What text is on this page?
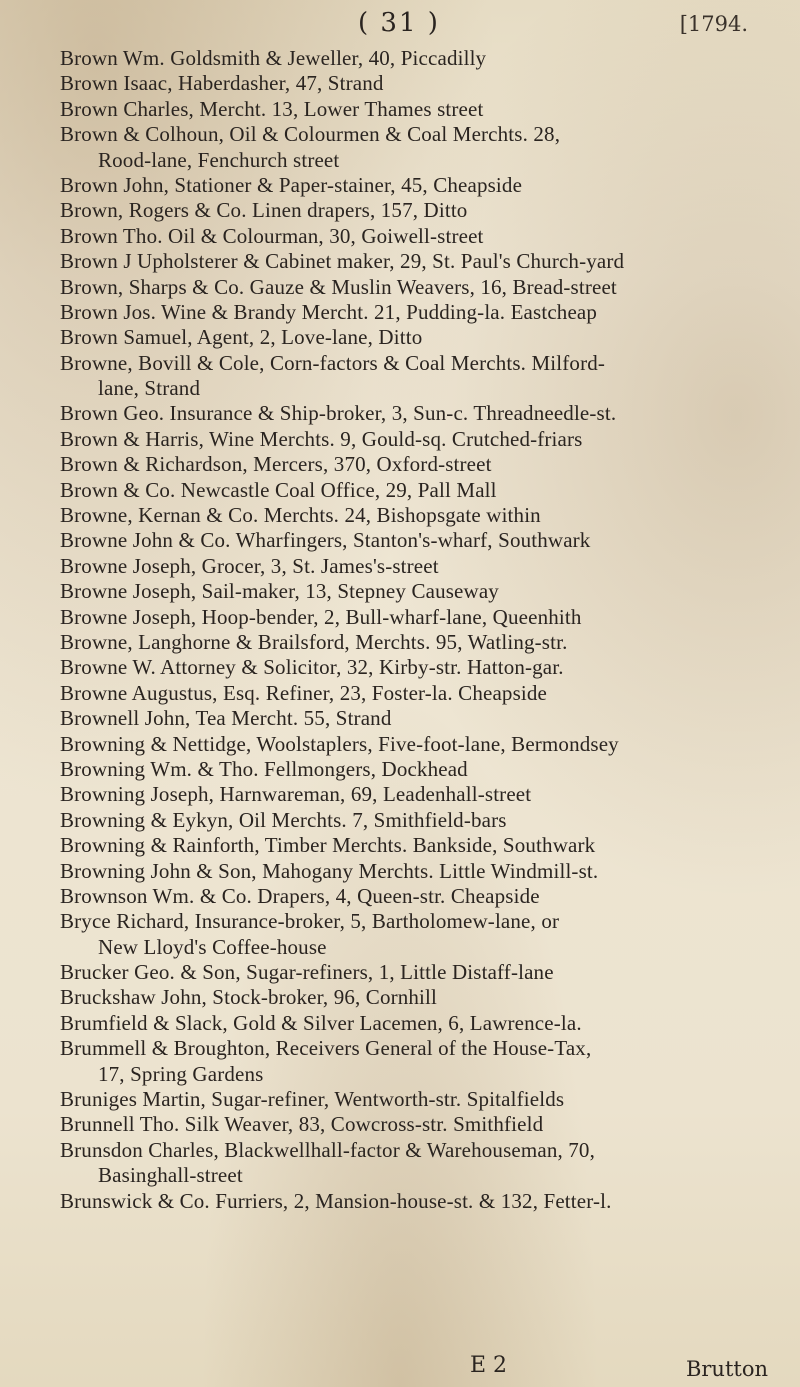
( 31 )	[1794.
Brown Wm. Goldsmith & Jeweller, 40, Piccadilly
Brown Isaac, Haberdasher, 47, Strand
Brown Charles, Mercht. 13, Lower Thames street
Brown & Colhoun, Oil & Colourmen & Coal Merchts. 28,
Rood-lane, Fenchurch street
Brown John, Stationer & Paper-stainer, 45, Cheapside
Brown, Rogers & Co. Linen drapers, 157, Ditto
Brown Tho. Oil & Colourman, 30, Goiwell-street
Brown J Upholsterer & Cabinet maker, 29, St. Paul's Church-yard
Brown, Sharps & Co. Gauze & Muslin Weavers, 16, Bread-street
Brown Jos. Wine & Brandy Mercht. 21, Pudding-la. Eastcheap
Brown Samuel, Agent, 2, Love-lane, Ditto
Browne, Bovill & Cole, Corn-factors & Coal Merchts. Milford-
lane, Strand
Brown Geo. Insurance & Ship-broker, 3, Sun-c. Threadneedle-st.
Brown & Harris, Wine Merchts. 9, Gould-sq. Crutched-friars
Brown & Richardson, Mercers, 370, Oxford-street
Brown & Co. Newcastle Coal Office, 29, Pall Mall
Browne, Kernan & Co. Merchts. 24, Bishopsgate within
Browne John & Co. Wharfingers, Stanton's-wharf, Southwark
Browne Joseph, Grocer, 3, St. James's-street
Browne Joseph, Sail-maker, 13, Stepney Causeway
Browne Joseph, Hoop-bender, 2, Bull-wharf-lane, Queenhith
Browne, Langhorne & Brailsford, Merchts. 95, Watling-str.
Browne W. Attorney & Solicitor, 32, Kirby-str. Hatton-gar.
Browne Augustus, Esq. Refiner, 23, Foster-la. Cheapside
Brownell John, Tea Mercht. 55, Strand
Browning & Nettidge, Woolstaplers, Five-foot-lane, Bermondsey
Browning Wm. & Tho. Fellmongers, Dockhead
Browning Joseph, Harnwareman, 69, Leadenhall-street
Browning & Eykyn, Oil Merchts. 7, Smithfield-bars
Browning & Rainforth, Timber Merchts. Bankside, Southwark
Browning John & Son, Mahogany Merchts. Little Windmill-st.
Brownson Wm. & Co. Drapers, 4, Queen-str. Cheapside
Bryce Richard, Insurance-broker, 5, Bartholomew-lane, or
New Lloyd's Coffee-house
Brucker Geo. & Son, Sugar-refiners, 1, Little Distaff-lane
Bruckshaw John, Stock-broker, 96, Cornhill
Brumfield & Slack, Gold & Silver Lacemen, 6, Lawrence-la.
Brummell & Broughton, Receivers General of the House-Tax,
17, Spring Gardens
Bruniges Martin, Sugar-refiner, Wentworth-str. Spitalfields
Brunnell Tho. Silk Weaver, 83, Cowcross-str. Smithfield
Brunsdon Charles, Blackwellhall-factor & Warehouseman, 70,
Basinghall-street
Brunswick & Co. Furriers, 2, Mansion-house-st. & 132, Fetter-l.
E 2	Brutton
